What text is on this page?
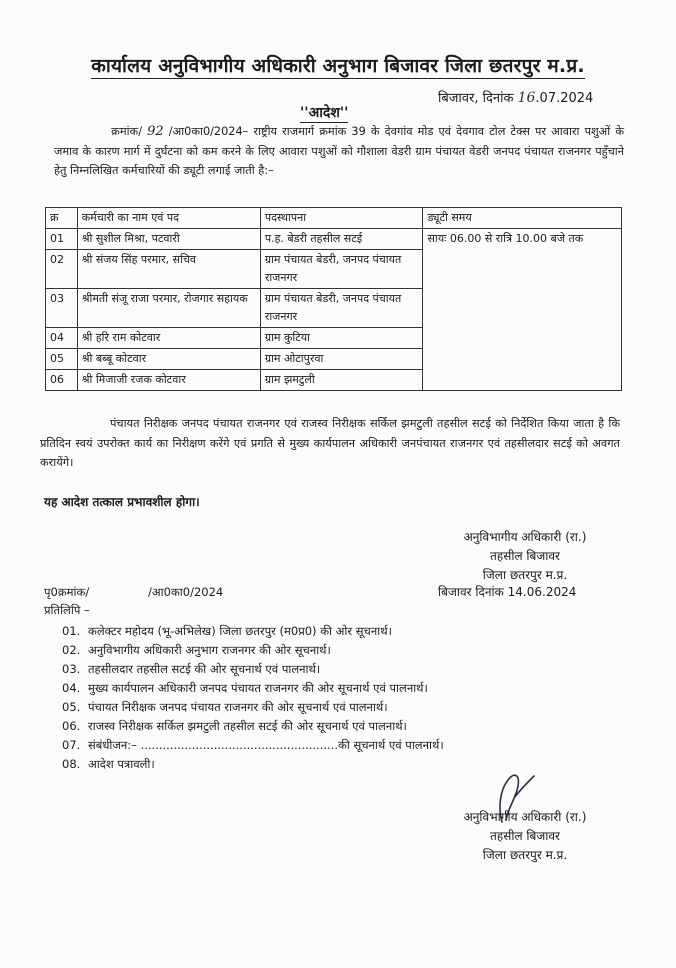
कार्यालय अनुविभागीय अधिकारी अनुभाग बिजावर जिला छतरपुर म.प्र.
बिजावर, दिनांक 16.07.2024
''आदेश''
क्रमांक/ 92 /आ0का0/2024– राष्ट्रीय राजमार्ग क्रमांक 39 के देवगांव मोड एवं देवगाव टोल टेक्स पर आवारा पशुओं के जमाव के कारण मार्ग में दुर्घटना को कम करने के लिए आवारा पशुओं को गौशाला वेडरी ग्राम पंचायत वेडरी जनपद पंचायत राजनगर पहुँचाने हेतु निम्नलिखित कर्मचारियों की ड्यूटी लगाई जाती है:–
क्र	कर्मचारी का नाम एवं पद	पदस्थापना	ड्यूटी समय
01	श्री सुशील मिश्रा, पटवारी	प.ह. बेडरी तहसील सटई	सायः 06.00 से रात्रि 10.00 बजे तक
02	श्री संजय सिंह परमार, सचिव	ग्राम पंचायत बेडरी, जनपद पंचायत राजनगर	
03	श्रीमती संजू राजा परमार, रोजगार सहायक	ग्राम पंचायत बेडरी, जनपद पंचायत राजनगर	
04	श्री हरि राम कोटवार	ग्राम कुटिया	
05	श्री बब्बू कोटवार	ग्राम ओटापुरवा	
06	श्री मिजाजी रजक कोटवार	ग्राम झमटुली	
पंचायत निरीक्षक जनपद पंचायत राजनगर एवं राजस्व निरीक्षक सर्किल झमटुली तहसील सटई को निर्देशित किया जाता है कि प्रतिदिन स्वयं उपरोक्त कार्य का निरीक्षण करेंगे एवं प्रगति से मुख्य कार्यपालन अधिकारी जनपंचायत राजनगर एवं तहसीलदार सटई को अवगत करायेंगे।
यह आदेश तत्काल प्रभावशील होगा।
अनुविभागीय अधिकारी (रा.)
तहसील बिजावर
जिला छतरपुर म.प्र.
पृ0क्रमांक/	/आ0का0/2024	बिजावर दिनांक 14.06.2024
प्रतिलिपि –
01. कलेक्टर महोदय (भू-अभिलेख) जिला छतरपुर (म0प्र0) की ओर सूचनार्थ।
02. अनुविभागीय अधिकारी अनुभाग राजनगर की ओर सूचनार्थ।
03. तहसीलदार तहसील सटई की ओर सूचनार्थ एवं पालनार्थ।
04. मुख्य कार्यपालन अधिकारी जनपद पंचायत राजनगर की ओर सूचनार्थ एवं पालनार्थ।
05. पंचायत निरीक्षक जनपद पंचायत राजनगर की ओर सूचनार्थ एवं पालनार्थ।
06. राजस्व निरीक्षक सर्किल झमटुली तहसील सटई की ओर सूचनार्थ एवं पालनार्थ।
07. संबंधीजन:– ......................................................की सूचनार्थ एवं पालनार्थ।
08. आदेश पत्रावली।
अनुविभागीय अधिकारी (रा.)
तहसील बिजावर
जिला छतरपुर म.प्र.
